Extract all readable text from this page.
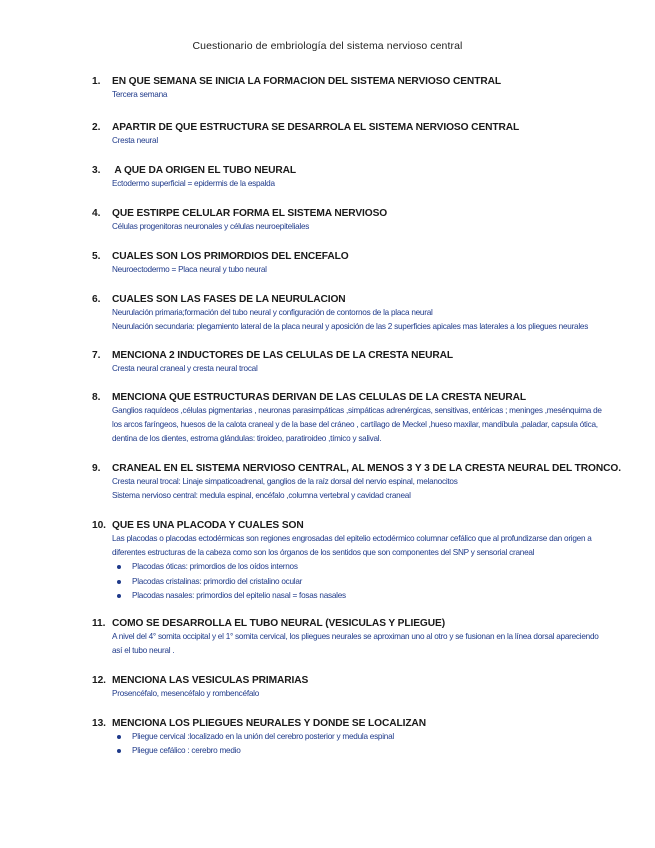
Cuestionario de embriología del sistema nervioso central
1. EN QUE SEMANA SE INICIA LA FORMACION DEL SISTEMA NERVIOSO CENTRAL
Tercera semana
2. APARTIR DE QUE ESTRUCTURA SE DESARROLA EL SISTEMA NERVIOSO CENTRAL
Cresta neural
3. A QUE DA ORIGEN EL TUBO NEURAL
Ectodermo superficial = epidermis de la espalda
4. QUE ESTIRPE CELULAR FORMA EL SISTEMA NERVIOSO
Células progenitoras neuronales y células neuroepiteliales
5. CUALES SON LOS PRIMORDIOS DEL ENCEFALO
Neuroectodermo = Placa neural y tubo neural
6. CUALES SON LAS FASES DE LA NEURULACION
Neurulación primaria;formación del tubo neural y configuración de contornos de la placa neural
Neurulación secundaria: plegamiento lateral de la placa neural y aposición de las 2 superficies apicales mas laterales a los pliegues neurales
7. MENCIONA 2 INDUCTORES DE LAS CELULAS DE LA CRESTA NEURAL
Cresta neural craneal y cresta neural trocal
8. MENCIONA QUE ESTRUCTURAS DERIVAN DE LAS CELULAS DE LA CRESTA NEURAL
Ganglios raquídeos ,células pigmentarias , neuronas parasimpáticas ,simpáticas adrenérgicas, sensitivas, entéricas ; meninges ,mesénquima de
los arcos faríngeos, huesos de la calota craneal y de la base del cráneo , cartílago de Meckel ,hueso maxilar, mandíbula ,paladar, capsula ótica,
dentina de los dientes, estroma glándulas: tiroideo, paratiroideo ,tímico y salival.
9. CRANEAL EN EL SISTEMA NERVIOSO CENTRAL, AL MENOS 3 Y 3 DE LA CRESTA NEURAL DEL TRONCO.
Cresta neural trocal: Linaje simpaticoadrenal, ganglios de la raíz dorsal del nervio espinal, melanocitos
Sistema nervioso central: medula espinal, encéfalo ,columna vertebral y cavidad craneal
10. QUE ES UNA PLACODA Y CUALES SON
Las placodas o placodas ectodérmicas son regiones engrosadas del epitelio ectodérmico columnar cefálico que al profundizarse dan origen a
diferentes estructuras de la cabeza como son los órganos de los sentidos que son componentes del SNP y sensorial craneal
Placodas óticas: primordios de los oídos internos
Placodas cristalinas: primordio del cristalino ocular
Placodas nasales: primordios del epitelio nasal = fosas nasales
11. COMO SE DESARROLLA EL TUBO NEURAL (VESICULAS Y PLIEGUE)
A nivel del 4° somita occipital y el 1° somita cervical, los pliegues neurales se aproximan uno al otro y se fusionan en la línea dorsal apareciendo
así el tubo neural .
12. MENCIONA LAS VESICULAS PRIMARIAS
Prosencéfalo, mesencéfalo y rombencéfalo
13. MENCIONA LOS PLIEGUES NEURALES Y DONDE SE LOCALIZAN
Pliegue cervical :localizado en la unión del cerebro posterior y medula espinal
Pliegue cefálico : cerebro medio
